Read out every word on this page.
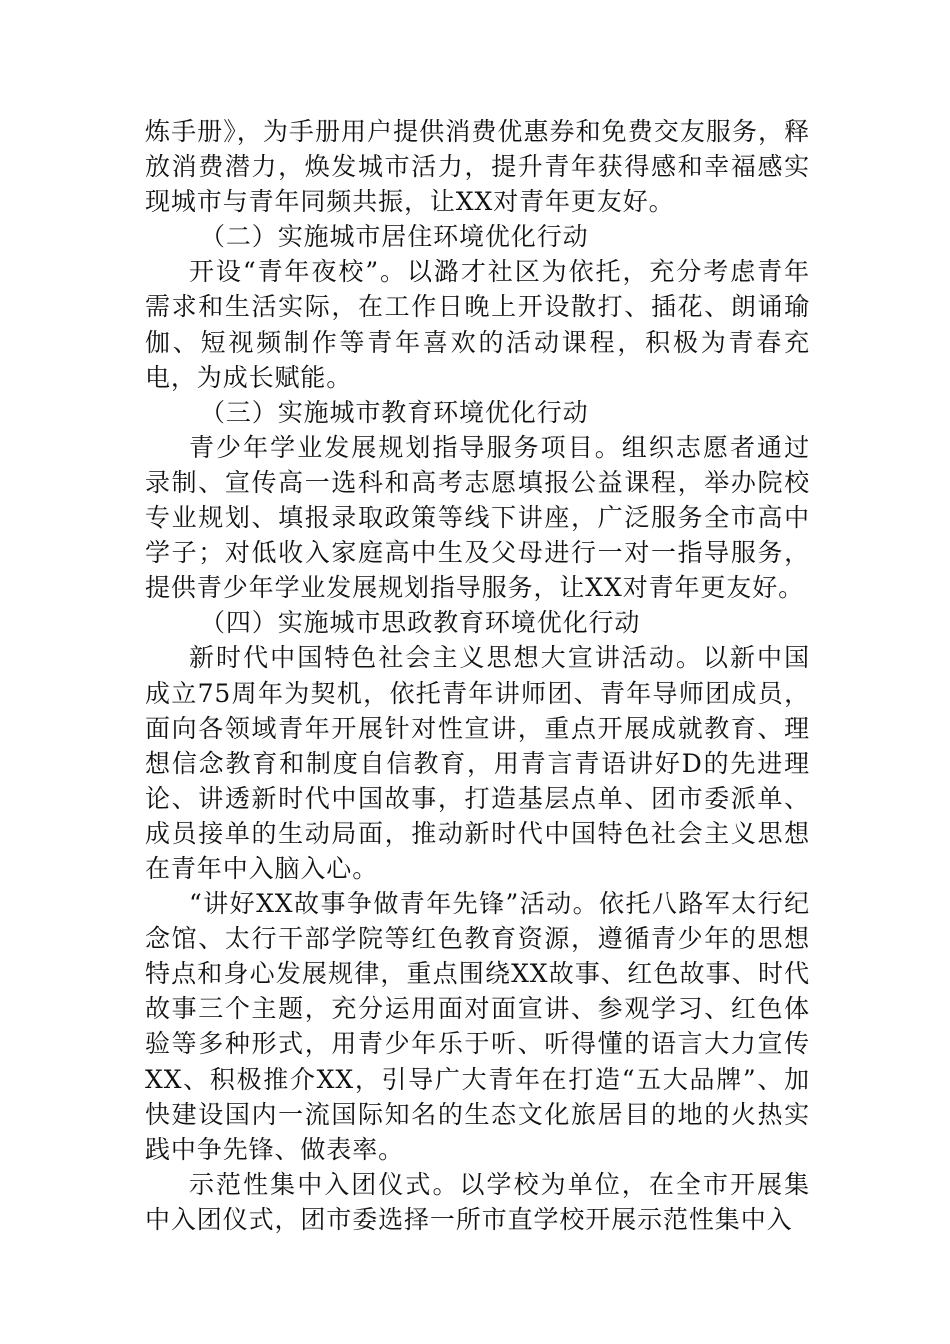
炼手册》，为手册用户提供消费优惠券和免费交友服务，释放消费潜力，焕发城市活力，提升青年获得感和幸福感实现城市与青年同频共振，让XX对青年更友好。

（二）实施城市居住环境优化行动

开设“青年夜校”。以潞才社区为依托，充分考虑青年需求和生活实际，在工作日晚上开设散打、插花、朗诵瑜伽、短视频制作等青年喜欢的活动课程，积极为青春充电，为成长赋能。

（三）实施城市教育环境优化行动

青少年学业发展规划指导服务项目。组织志愿者通过录制、宣传高一选科和高考志愿填报公益课程，举办院校专业规划、填报录取政策等线下讲座，广泛服务全市高中学子；对低收入家庭高中生及父母进行一对一指导服务，提供青少年学业发展规划指导服务，让XX对青年更友好。

（四）实施城市思政教育环境优化行动

新时代中国特色社会主义思想大宣讲活动。以新中国成立75周年为契机，依托青年讲师团、青年导师团成员，面向各领域青年开展针对性宣讲，重点开展成就教育、理想信念教育和制度自信教育，用青言青语讲好D的先进理论、讲透新时代中国故事，打造基层点单、团市委派单、成员接单的生动局面，推动新时代中国特色社会主义思想在青年中入脑入心。

“讲好XX故事争做青年先锋”活动。依托八路军太行纪念馆、太行干部学院等红色教育资源，遵循青少年的思想特点和身心发展规律，重点围绕XX故事、红色故事、时代故事三个主题，充分运用面对面宣讲、参观学习、红色体验等多种形式，用青少年乐于听、听得懂的语言大力宣传XX、积极推介XX，引导广大青年在打造“五大品牌”、加快建设国内一流国际知名的生态文化旅居目的地的火热实践中争先锋、做表率。

示范性集中入团仪式。以学校为单位，在全市开展集中入团仪式，团市委选择一所市直学校开展示范性集中入
